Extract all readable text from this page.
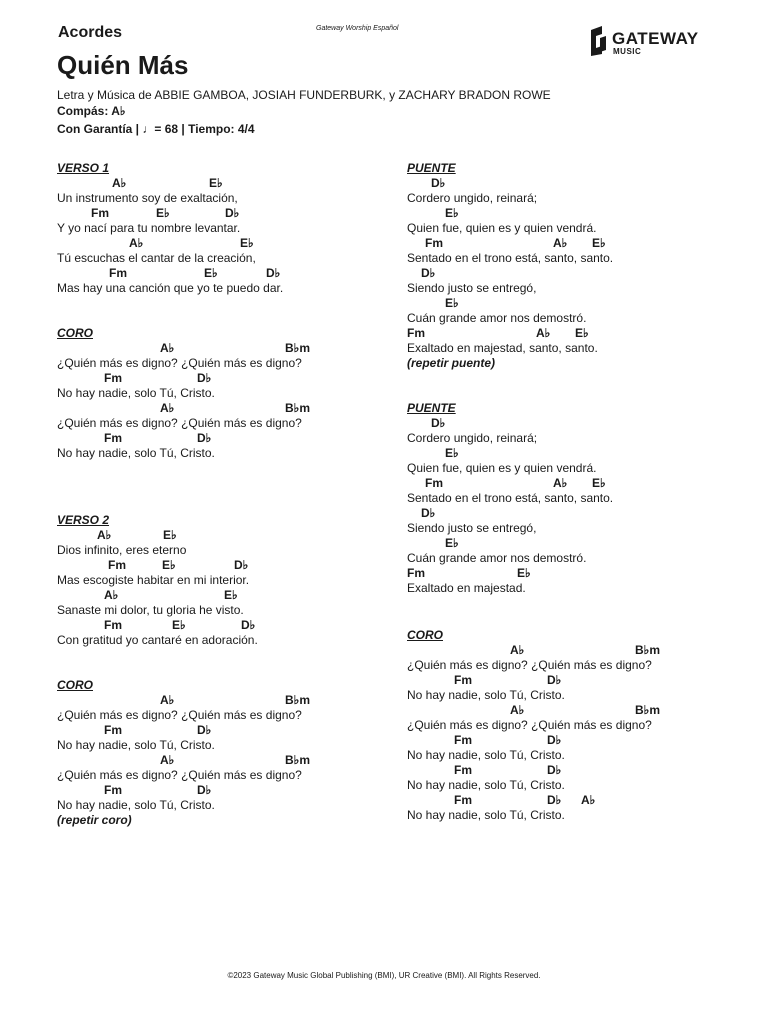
Acordes	Gateway Worship Español
GATEWAY
MUSIC
Quién Más
Letra y Música de ABBIE GAMBOA, JOSIAH FUNDERBURK, y ZACHARY BRADON ROWE
Compás: A♭
Con Garantía | ♩= 68 | Tiempo: 4/4
VERSO 1
A♭	E♭
Un instrumento soy de exaltación,
Fm	E♭	D♭
Y yo nací para tu nombre levantar.
A♭	E♭
Tú escuchas el cantar de la creación,
Fm	E♭	D♭
Mas hay una canción que yo te puedo dar.
CORO
A♭	B♭m
¿Quién más es digno? ¿Quién más es digno?
Fm	D♭
No hay nadie, solo Tú, Cristo.
A♭	B♭m
¿Quién más es digno? ¿Quién más es digno?
Fm	D♭
No hay nadie, solo Tú, Cristo.
VERSO 2
A♭	E♭
Dios infinito, eres eterno
Fm	E♭	D♭
Mas escogiste habitar en mi interior.
A♭	E♭
Sanaste mi dolor, tu gloria he visto.
Fm	E♭	D♭
Con gratitud yo cantaré en adoración.
CORO
A♭	B♭m
¿Quién más es digno? ¿Quién más es digno?
Fm	D♭
No hay nadie, solo Tú, Cristo.
A♭	B♭m
¿Quién más es digno? ¿Quién más es digno?
Fm	D♭
No hay nadie, solo Tú, Cristo.
(repetir coro)
PUENTE
D♭
Cordero ungido, reinará;
E♭
Quien fue, quien es y quien vendrá.
Fm	A♭ E♭
Sentado en el trono está, santo, santo.
D♭
Siendo justo se entregó,
E♭
Cuán grande amor nos demostró.
Fm	A♭ E♭
Exaltado en majestad, santo, santo.
(repetir puente)
PUENTE
D♭
Cordero ungido, reinará;
E♭
Quien fue, quien es y quien vendrá.
Fm	A♭ E♭
Sentado en el trono está, santo, santo.
D♭
Siendo justo se entregó,
E♭
Cuán grande amor nos demostró.
Fm	E♭
Exaltado en majestad.
CORO
A♭	B♭m
¿Quién más es digno? ¿Quién más es digno?
Fm	D♭
No hay nadie, solo Tú, Cristo.
A♭	B♭m
¿Quién más es digno? ¿Quién más es digno?
Fm	D♭
No hay nadie, solo Tú, Cristo.
Fm	D♭
No hay nadie, solo Tú, Cristo.
Fm	D♭ A♭
No hay nadie, solo Tú, Cristo.
©2023 Gateway Music Global Publishing (BMI), UR Creative (BMI). All Rights Reserved.
